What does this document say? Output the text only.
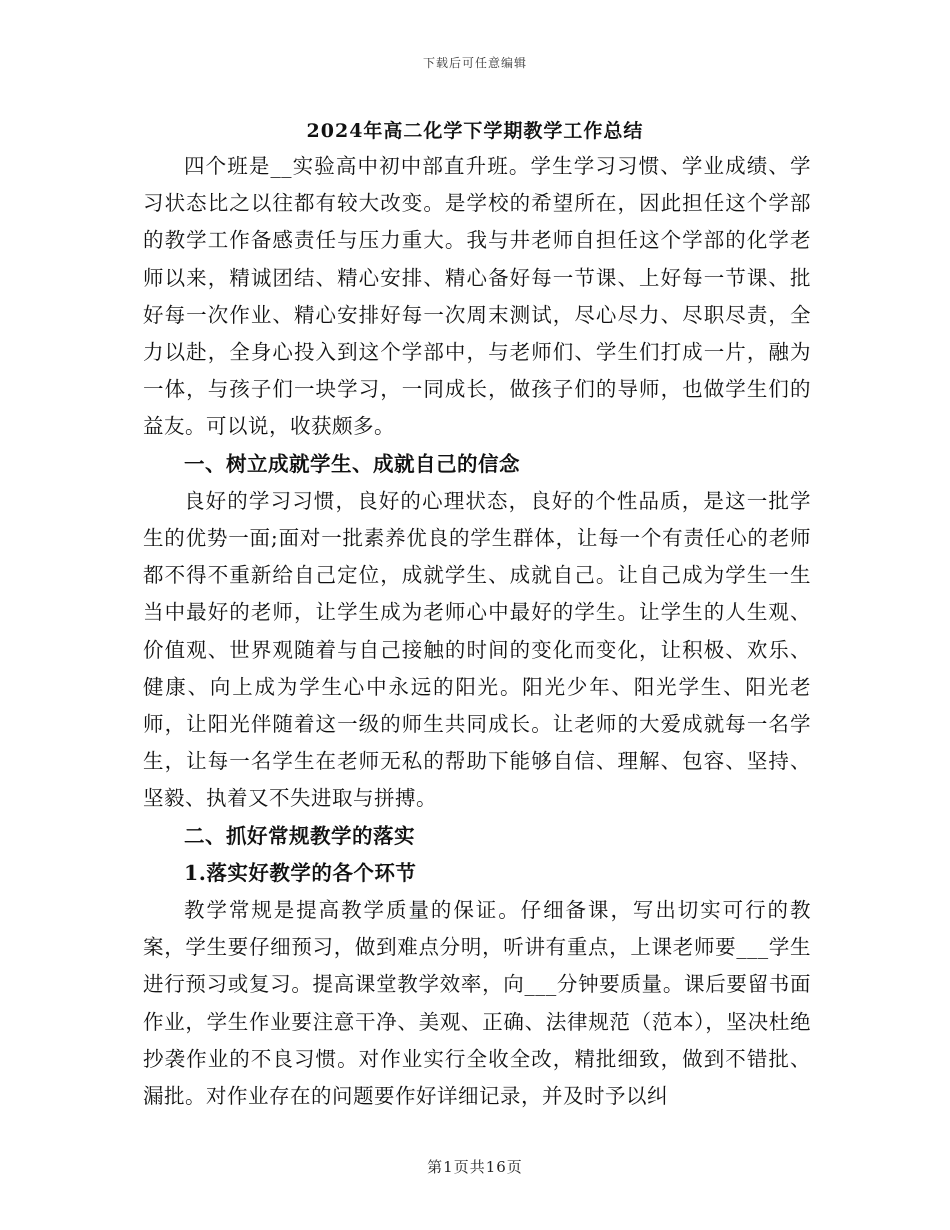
下载后可任意编辑
2024年高二化学下学期教学工作总结

四个班是__实验高中初中部直升班。学生学习习惯、学业成绩、学习状态比之以往都有较大改变。是学校的希望所在，因此担任这个学部的教学工作备感责任与压力重大。我与井老师自担任这个学部的化学老师以来，精诚团结、精心安排、精心备好每一节课、上好每一节课、批好每一次作业、精心安排好每一次周末测试，尽心尽力、尽职尽责，全力以赴，全身心投入到这个学部中，与老师们、学生们打成一片，融为一体，与孩子们一块学习，一同成长，做孩子们的导师，也做学生们的益友。可以说，收获颇多。

一、树立成就学生、成就自己的信念

良好的学习习惯，良好的心理状态，良好的个性品质，是这一批学生的优势一面;面对一批素养优良的学生群体，让每一个有责任心的老师都不得不重新给自己定位，成就学生、成就自己。让自己成为学生一生当中最好的老师，让学生成为老师心中最好的学生。让学生的人生观、价值观、世界观随着与自己接触的时间的变化而变化，让积极、欢乐、健康、向上成为学生心中永远的阳光。阳光少年、阳光学生、阳光老师，让阳光伴随着这一级的师生共同成长。让老师的大爱成就每一名学生，让每一名学生在老师无私的帮助下能够自信、理解、包容、坚持、坚毅、执着又不失进取与拼搏。

二、抓好常规教学的落实

1.落实好教学的各个环节

教学常规是提高教学质量的保证。仔细备课，写出切实可行的教案，学生要仔细预习，做到难点分明，听讲有重点，上课老师要___学生进行预习或复习。提高课堂教学效率，向___分钟要质量。课后要留书面作业，学生作业要注意干净、美观、正确、法律规范（范本），坚决杜绝抄袭作业的不良习惯。对作业实行全收全改，精批细致，做到不错批、漏批。对作业存在的问题要作好详细记录，并及时予以纠

第1页共16页
